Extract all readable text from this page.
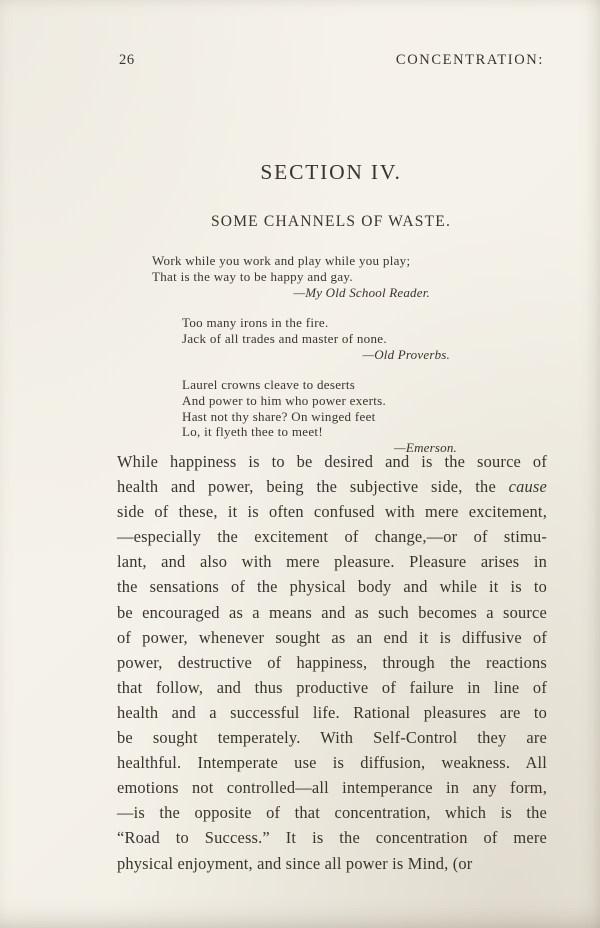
26	CONCENTRATION:
SECTION IV.
SOME CHANNELS OF WASTE.
Work while you work and play while you play;
That is the way to be happy and gay.
—My Old School Reader.
Too many irons in the fire.
Jack of all trades and master of none.
—Old Proverbs.
Laurel crowns cleave to deserts
And power to him who power exerts.
Hast not thy share? On winged feet
Lo, it flyeth thee to meet!
—Emerson.
While happiness is to be desired and is the source of
health and power, being the subjective side, the cause
side of these, it is often confused with mere excitement,
—especially the excitement of change,—or of stimu-
lant, and also with mere pleasure. Pleasure arises in
the sensations of the physical body and while it is to
be encouraged as a means and as such becomes a source
of power, whenever sought as an end it is diffusive of
power, destructive of happiness, through the reactions
that follow, and thus productive of failure in line of
health and a successful life. Rational pleasures are to
be sought temperately. With Self-Control they are
healthful. Intemperate use is diffusion, weakness. All
emotions not controlled—all intemperance in any form,
—is the opposite of that concentration, which is the
“Road to Success.” It is the concentration of mere
physical enjoyment, and since all power is Mind, (or
